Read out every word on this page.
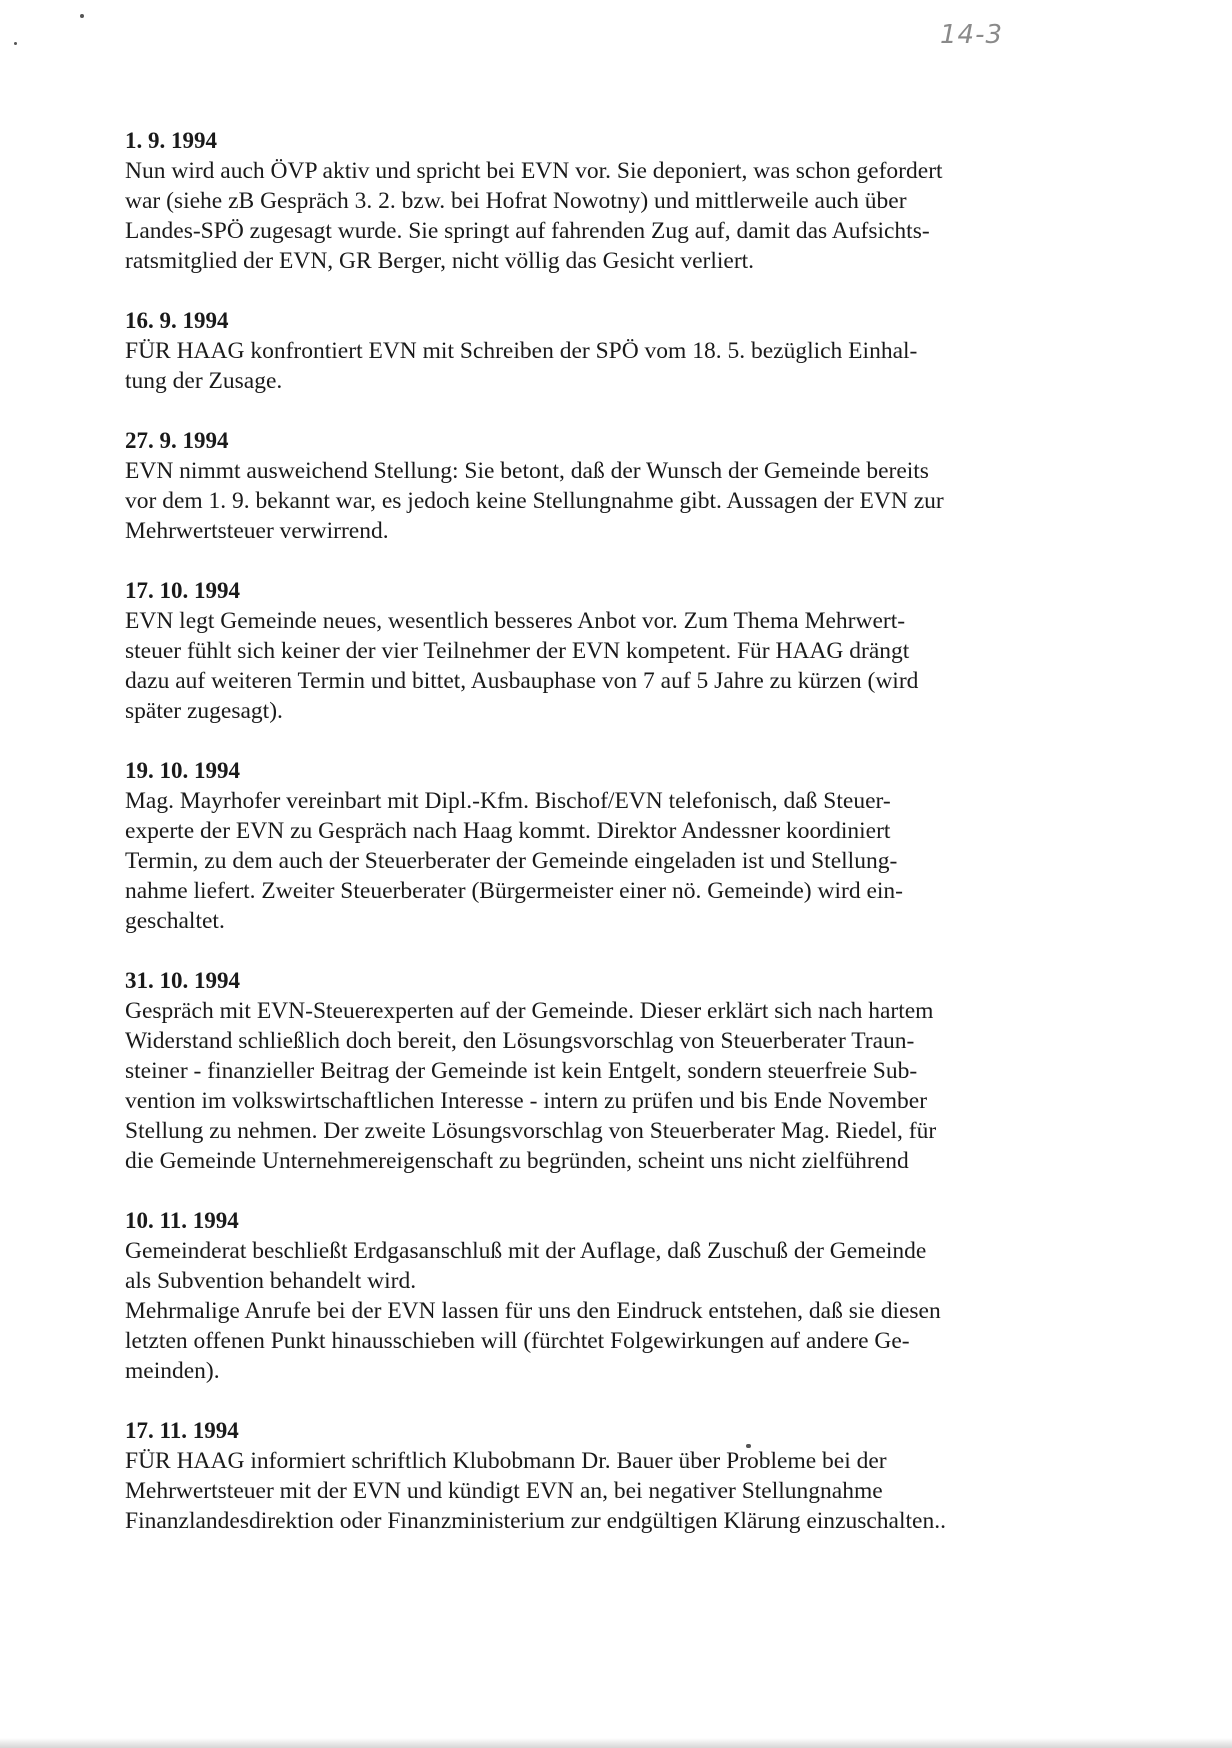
14-3
1. 9. 1994
Nun wird auch ÖVP aktiv und spricht bei EVN vor. Sie deponiert, was schon gefordert
war (siehe zB Gespräch 3. 2. bzw. bei Hofrat Nowotny) und mittlerweile auch über
Landes-SPÖ zugesagt wurde. Sie springt auf fahrenden Zug auf, damit das Aufsichts-
ratsmitglied der EVN, GR Berger, nicht völlig das Gesicht verliert.
16. 9. 1994
FÜR HAAG konfrontiert EVN mit Schreiben der SPÖ vom 18. 5. bezüglich Einhal-
tung der Zusage.
27. 9. 1994
EVN nimmt ausweichend Stellung: Sie betont, daß der Wunsch der Gemeinde bereits
vor dem 1. 9. bekannt war, es jedoch keine Stellungnahme gibt. Aussagen der EVN zur
Mehrwertsteuer verwirrend.
17. 10. 1994
EVN legt Gemeinde neues, wesentlich besseres Anbot vor. Zum Thema Mehrwert-
steuer fühlt sich keiner der vier Teilnehmer der EVN kompetent. Für HAAG drängt
dazu auf weiteren Termin und bittet, Ausbauphase von 7 auf 5 Jahre zu kürzen (wird
später zugesagt).
19. 10. 1994
Mag. Mayrhofer vereinbart mit Dipl.-Kfm. Bischof/EVN telefonisch, daß Steuer-
experte der EVN zu Gespräch nach Haag kommt. Direktor Andessner koordiniert
Termin, zu dem auch der Steuerberater der Gemeinde eingeladen ist und Stellung-
nahme liefert. Zweiter Steuerberater (Bürgermeister einer nö. Gemeinde) wird ein-
geschaltet.
31. 10. 1994
Gespräch mit EVN-Steuerexperten auf der Gemeinde. Dieser erklärt sich nach hartem
Widerstand schließlich doch bereit, den Lösungsvorschlag von Steuerberater Traun-
steiner - finanzieller Beitrag der Gemeinde ist kein Entgelt, sondern steuerfreie Sub-
vention im volkswirtschaftlichen Interesse - intern zu prüfen und bis Ende November
Stellung zu nehmen. Der zweite Lösungsvorschlag von Steuerberater Mag. Riedel, für
die Gemeinde Unternehmereigenschaft zu begründen, scheint uns nicht zielführend
10. 11. 1994
Gemeinderat beschließt Erdgasanschluß mit der Auflage, daß Zuschuß der Gemeinde
als Subvention behandelt wird.
Mehrmalige Anrufe bei der EVN lassen für uns den Eindruck entstehen, daß sie diesen
letzten offenen Punkt hinausschieben will (fürchtet Folgewirkungen auf andere Ge-
meinden).
17. 11. 1994
FÜR HAAG informiert schriftlich Klubobmann Dr. Bauer über Probleme bei der
Mehrwertsteuer mit der EVN und kündigt EVN an, bei negativer Stellungnahme
Finanzlandesdirektion oder Finanzministerium zur endgültigen Klärung einzuschalten..
